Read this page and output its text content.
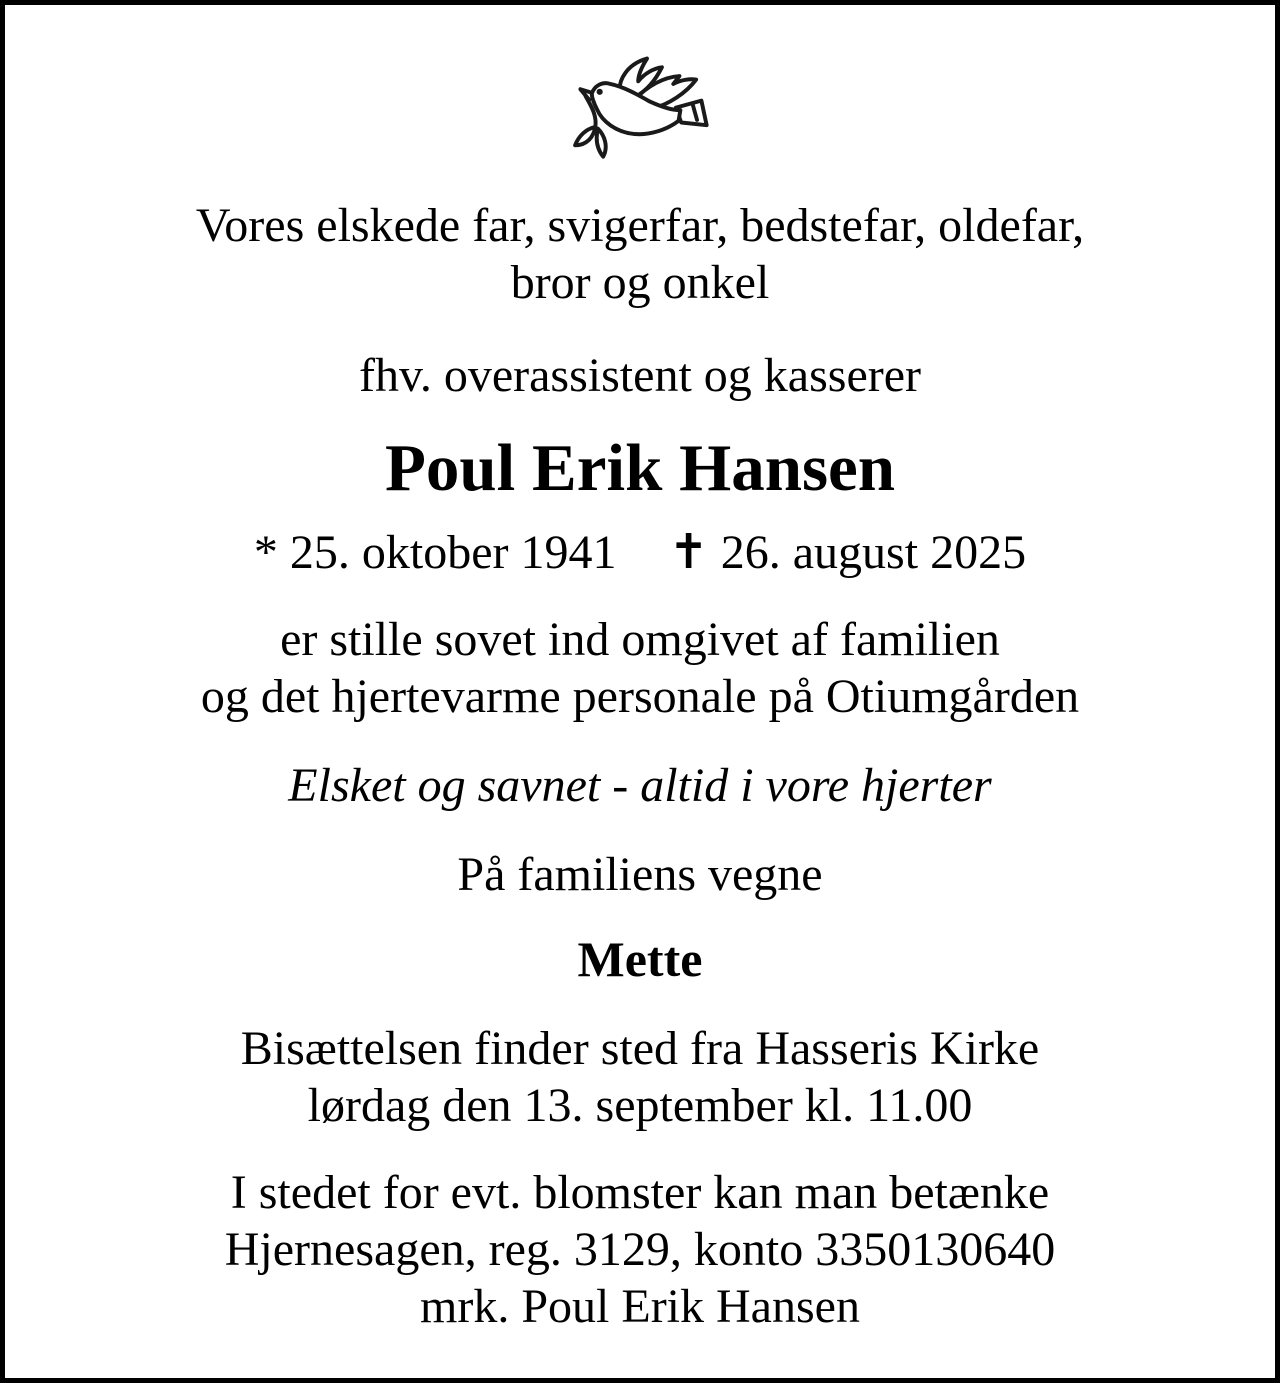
Vores elskede far, svigerfar, bedstefar, oldefar,
bror og onkel
fhv. overassistent og kasserer
Poul Erik Hansen
* 25. oktober 1941 ✝ 26. august 2025
er stille sovet ind omgivet af familien
og det hjertevarme personale på Otiumgården
Elsket og savnet - altid i vore hjerter
På familiens vegne
Mette
Bisættelsen finder sted fra Hasseris Kirke
lørdag den 13. september kl. 11.00
I stedet for evt. blomster kan man betænke
Hjernesagen, reg. 3129, konto 3350130640
mrk. Poul Erik Hansen
